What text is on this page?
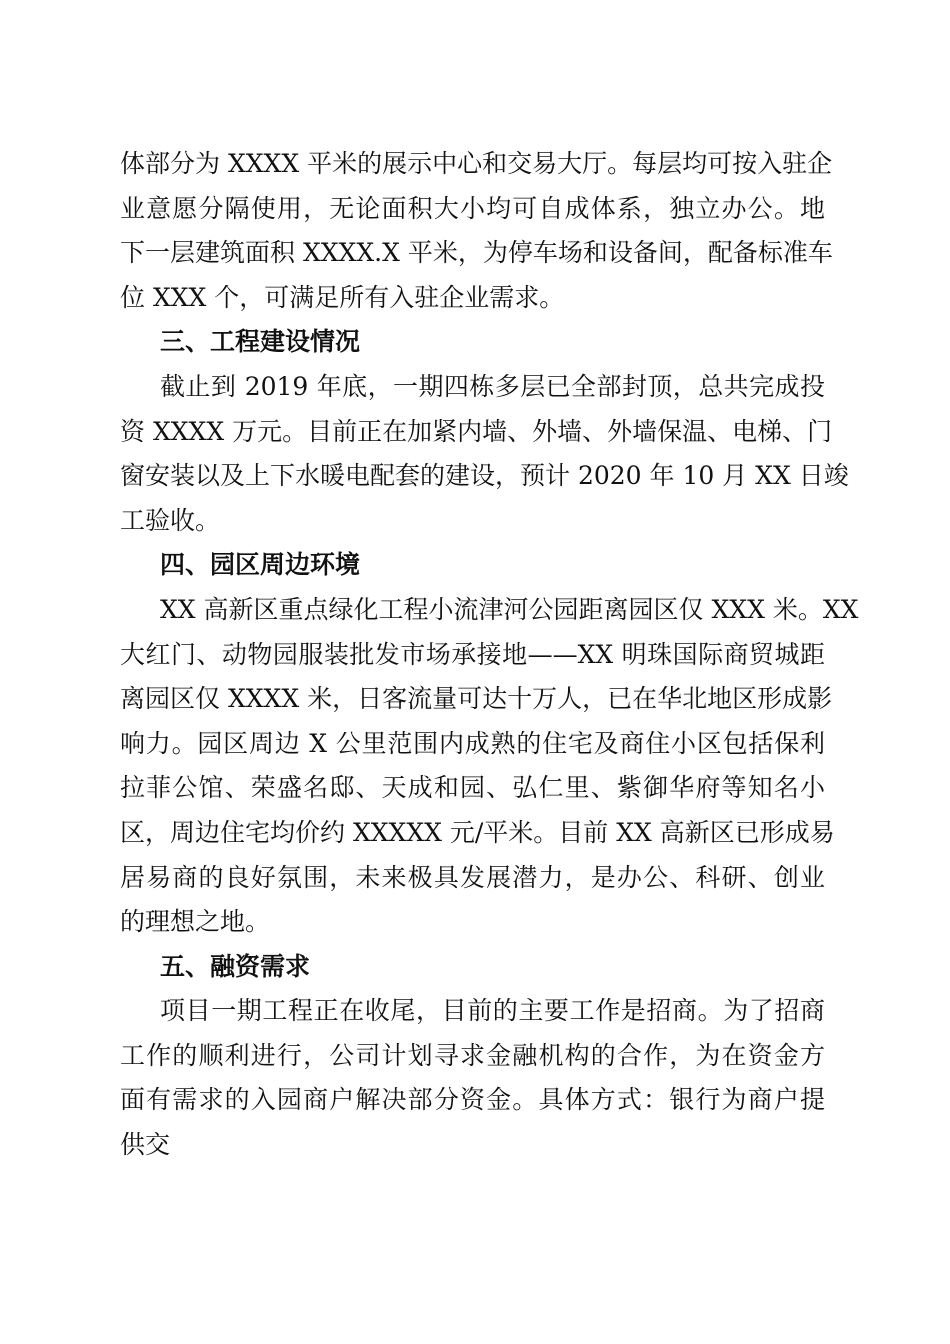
体部分为 XXXX 平米的展示中心和交易大厅。每层均可按入驻企
业意愿分隔使用，无论面积大小均可自成体系，独立办公。地
下一层建筑面积 XXXX.X 平米，为停车场和设备间，配备标准车
位 XXX 个，可满足所有入驻企业需求。
三、工程建设情况
截止到 2019 年底，一期四栋多层已全部封顶，总共完成投
资 XXXX 万元。目前正在加紧内墙、外墙、外墙保温、电梯、门
窗安装以及上下水暖电配套的建设，预计 2020 年 10 月 XX 日竣
工验收。
四、园区周边环境
XX 高新区重点绿化工程小流津河公园距离园区仅 XXX 米。XX
大红门、动物园服装批发市场承接地——XX 明珠国际商贸城距
离园区仅 XXXX 米，日客流量可达十万人，已在华北地区形成影
响力。园区周边 X 公里范围内成熟的住宅及商住小区包括保利
拉菲公馆、荣盛名邸、天成和园、弘仁里、紫御华府等知名小
区，周边住宅均价约 XXXXX 元/平米。目前 XX 高新区已形成易
居易商的良好氛围，未来极具发展潜力，是办公、科研、创业
的理想之地。
五、融资需求
项目一期工程正在收尾，目前的主要工作是招商。为了招商
工作的顺利进行，公司计划寻求金融机构的合作，为在资金方
面有需求的入园商户解决部分资金。具体方式：银行为商户提
供交
